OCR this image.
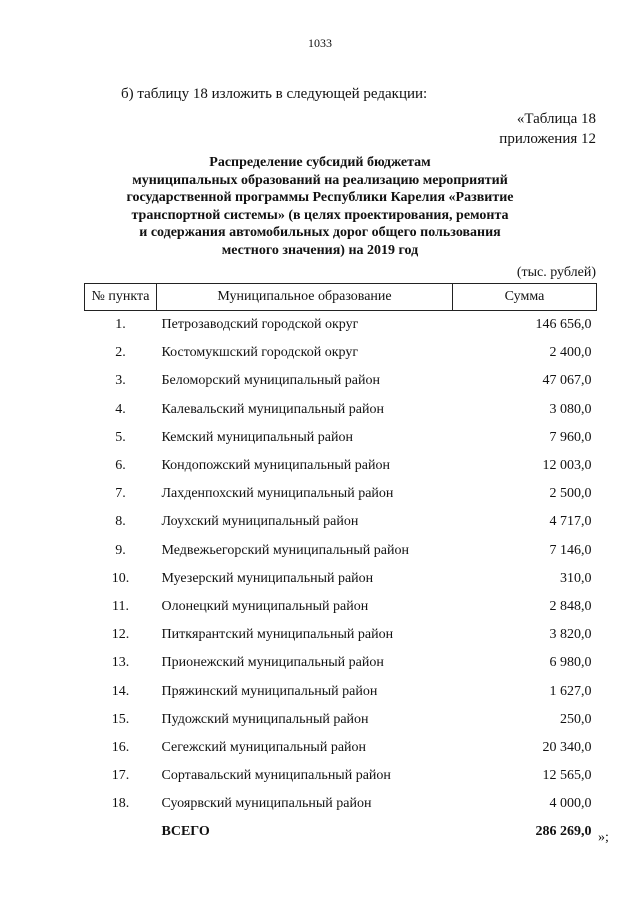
1033
б) таблицу 18 изложить в следующей редакции:
«Таблица 18
приложения 12
Распределение субсидий бюджетам
муниципальных образований на реализацию мероприятий
государственной программы Республики Карелия «Развитие
транспортной системы» (в целях проектирования, ремонта
и содержания автомобильных дорог общего пользования
местного значения) на 2019 год
(тыс. рублей)
№ пункта	Муниципальное образование	Сумма
1.	Петрозаводский городской округ	146 656,0
2.	Костомукшский городской округ	2 400,0
3.	Беломорский муниципальный район	47 067,0
4.	Калевальский муниципальный район	3 080,0
5.	Кемский муниципальный район	7 960,0
6.	Кондопожский муниципальный район	12 003,0
7.	Лахденпохский муниципальный район	2 500,0
8.	Лоухский муниципальный район	4 717,0
9.	Медвежьегорский муниципальный район	7 146,0
10.	Муезерский муниципальный район	310,0
11.	Олонецкий муниципальный район	2 848,0
12.	Питкярантский муниципальный район	3 820,0
13.	Прионежский муниципальный район	6 980,0
14.	Пряжинский муниципальный район	1 627,0
15.	Пудожский муниципальный район	250,0
16.	Сегежский муниципальный район	20 340,0
17.	Сортавальский муниципальный район	12 565,0
18.	Суоярвский муниципальный район	4 000,0
	ВСЕГО	286 269,0 »;
